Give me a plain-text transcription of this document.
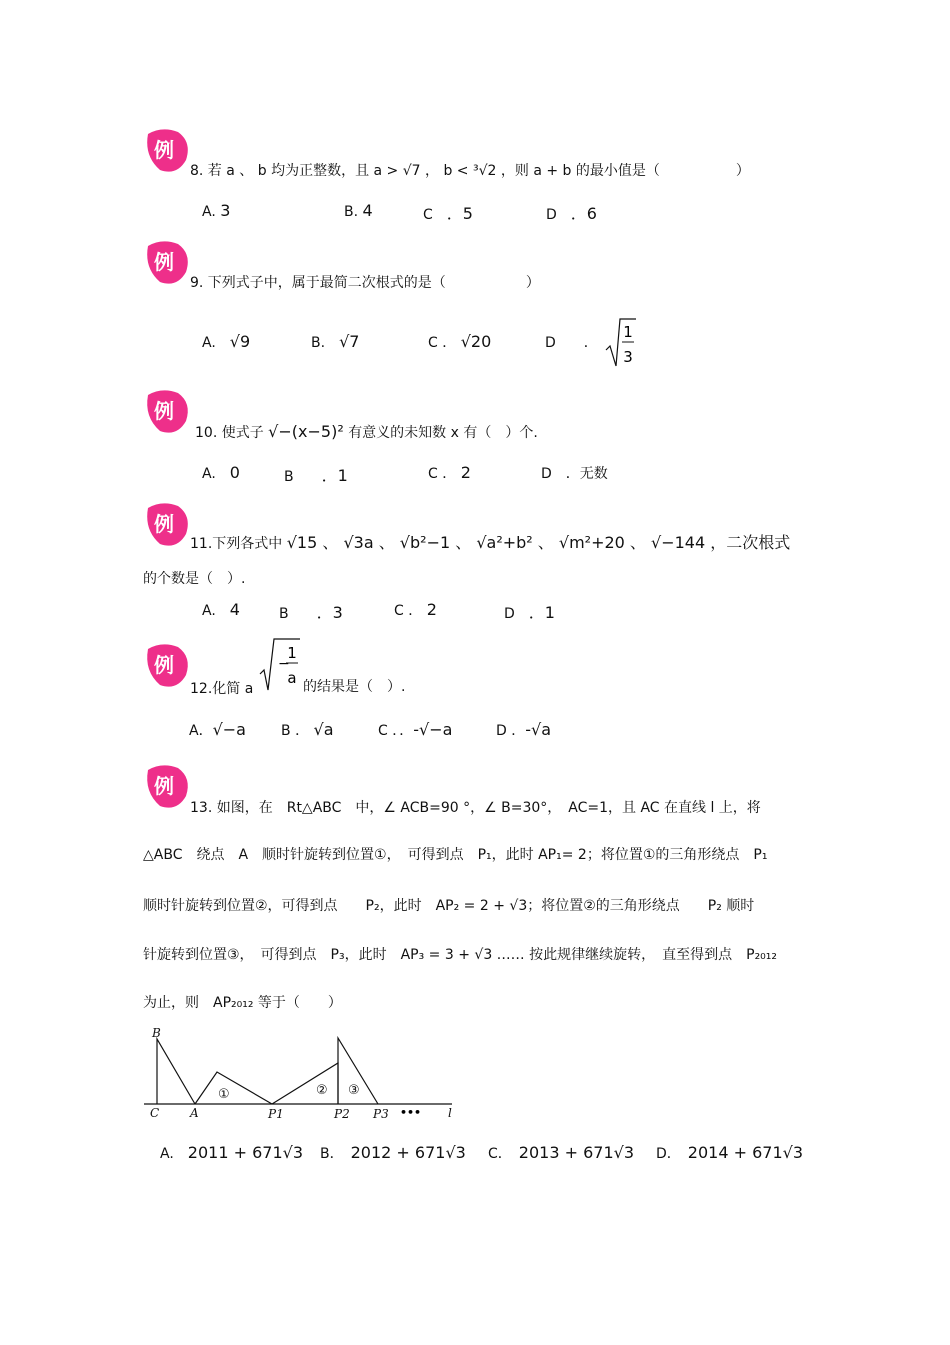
例
例
例
例
例
例
8. 若 a 、 b 均为正整数，且 a > √7 ， b < ³√2 ，则 a + b 的最小值是（	）
A. 3	B. 4	C　 ．5	D　 ．6
9. 下列式子中，属于最简二次根式的是（	）
A.　 √9	B.　 √7	C ． √20	D　　 ．
1
3
10. 使式子 √−(x−5)² 有意义的未知数 x 有（　）个.
A.　 0	B　　 ．1	C ． 2	D　 ．无数
11.下列各式中 √15 、 √3a 、 √b²−1 、 √a²+b² 、 √m²+20 、 √−144 ，二次根式
的个数是（　）.
A.　 4	B　　 ．3	C ． 2	D　 ．1
12.化简 a
−
1
a 的结果是（　）.
A．√−a	B ． √a	C ．．-√−a	D ．-√a
13. 如图，在　Rt△ABC　中，∠ ACB=90 °，∠ B=30°，　AC=1，且 AC 在直线 l 上，将
△ABC　绕点　A　顺时针旋转到位置①，　可得到点　P₁，此时 AP₁= 2；将位置①的三角形绕点　P₁
顺时针旋转到位置②，可得到点　　P₂，此时　AP₂ = 2 + √3；将位置②的三角形绕点　　P₂ 顺时
针旋转到位置③，　可得到点　P₃，此时　AP₃ = 3 + √3 …… 按此规律继续旋转，　直至得到点　P₂₀₁₂
为止，则　AP₂₀₁₂ 等于（　　）
B
C	A	P1	P2 P3	l
•••
①	② ③
A.　 2011 + 671√3 B．　 2012 + 671√3 C．　 2013 + 671√3 D．　 2014 + 671√3
